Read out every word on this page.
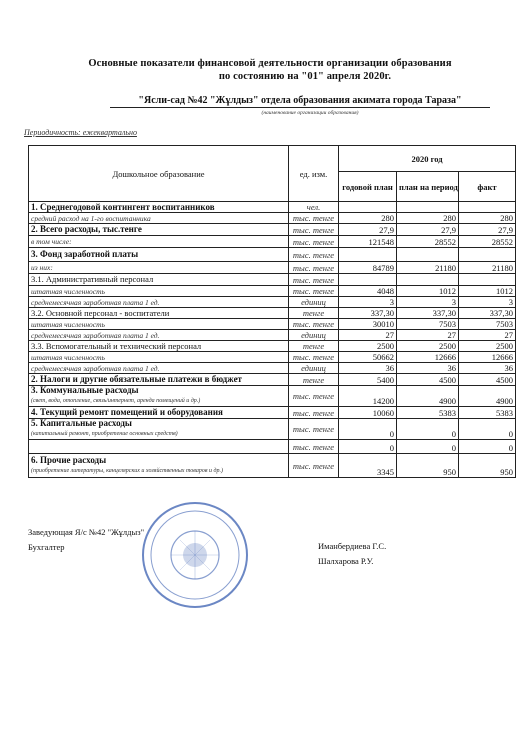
Основные показатели финансовой деятельности организации образования
по состоянию на "01" апреля 2020г.
"Ясли-сад №42 "Жұлдыз" отдела образования акимата города Тараза"
(наименование организации образования)
Периодичность: ежеквартально
Дошкольное образование	ед. изм.	2020 год		
		годовой план	план на период	факт
1. Среднегодовой контингент воспитанников	чел.			
средний расход на 1-го воспитанника	тыс. тенге	280	280	280
2. Всего расходы, тыс.тенге	тыс. тенге	27,9	27,9	27,9
в том числе:	тыс. тенге	121548	28552	28552
3. Фонд заработной платы	тыс. тенге			
из них:	тыс. тенге	84789	21180	21180
3.1. Административный персонал	тыс. тенге			
штатная численность	тыс. тенге	4048	1012	1012
среднемесячная заработная плата 1 ед.	единиц	3	3	3
3.2. Основной персонал - воспитатели	тенге	337,30	337,30	337,30
штатная численность	тыс. тенге	30010	7503	7503
среднемесячная заработная плата 1 ед.	единиц	27	27	27
3.3. Вспомогательный и технический персонал	тенге	2500	2500	2500
штатная численность	тыс. тенге	50662	12666	12666
среднемесячная заработная плата 1 ед.	единиц	36	36	36
2. Налоги и другие обязательные платежи в бюджет	тенге	5400	4500	4500
3. Коммунальные расходы
(свет, вода, отопление, связь/интернет, аренда помещений и др.)	тыс. тенге	14200	4900	4900
4. Текущий ремонт помещений и оборудования	тыс. тенге	10060	5383	5383
5. Капитальные расходы
(капитальный ремонт, приобретение основных средств)	тыс. тенге	0	0	0
	тыс. тенге	0	0	0
6. Прочие расходы
(приобретение литературы, канцелярских и хозяйственных товаров и др.)	тыс. тенге	3345	950	950
Заведующая Я/с №42 "Жұлдыз"
Бухгалтер	Иманбердиева Г.С.
Шалхарова Р.У.
